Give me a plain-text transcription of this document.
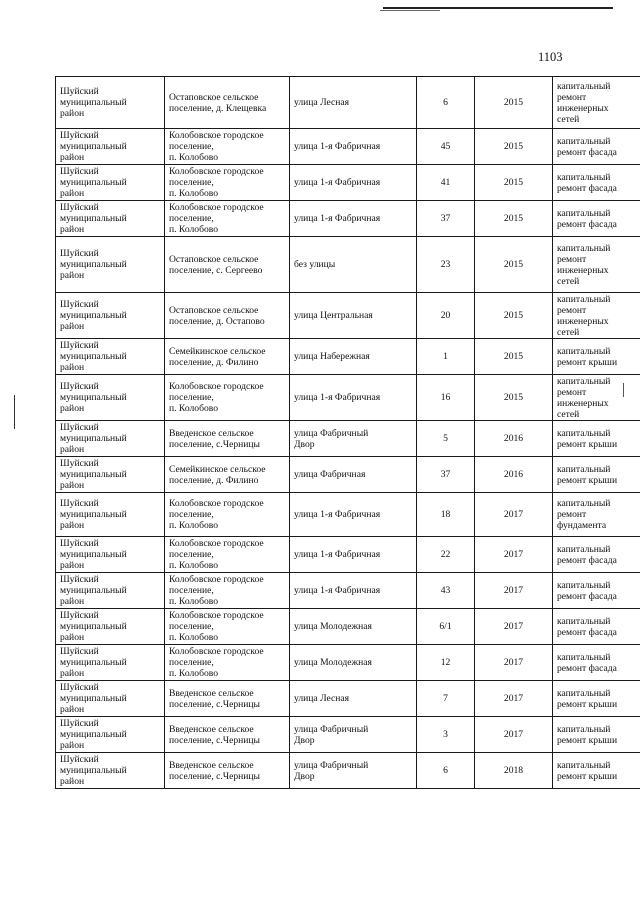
1103
Шуйский
муниципальный
район	Остаповское сельское
поселение, д. Клещевка	улица Лесная	6	2015	капитальный
ремонт
инженерных
сетей

Шуйский
муниципальный
район	Колобовское городское
поселение,
п. Колобово	улица 1-я Фабричная	45	2015	капитальный
ремонт фасада

Шуйский
муниципальный
район	Колобовское городское
поселение,
п. Колобово	улица 1-я Фабричная	41	2015	капитальный
ремонт фасада

Шуйский
муниципальный
район	Колобовское городское
поселение,
п. Колобово	улица 1-я Фабричная	37	2015	капитальный
ремонт фасада

Шуйский
муниципальный
район	Остаповское сельское
поселение, с. Сергеево	без улицы	23	2015	капитальный
ремонт
инженерных
сетей

Шуйский
муниципальный
район	Остаповское сельское
поселение, д. Остапово	улица Центральная	20	2015	капитальный
ремонт
инженерных
сетей

Шуйский
муниципальный
район	Семейкинское сельское
поселение, д. Филино	улица Набережная	1	2015	капитальный
ремонт крыши

Шуйский
муниципальный
район	Колобовское городское
поселение,
п. Колобово	улица 1-я Фабричная	16	2015	капитальный
ремонт
инженерных
сетей

Шуйский
муниципальный
район	Введенское сельское
поселение, с.Черницы	улица Фабричный
Двор	5	2016	капитальный
ремонт крыши

Шуйский
муниципальный
район	Семейкинское сельское
поселение, д. Филино	улица Фабричная	37	2016	капитальный
ремонт крыши

Шуйский
муниципальный
район	Колобовское городское
поселение,
п. Колобово	улица 1-я Фабричная	18	2017	капитальный
ремонт
фундамента

Шуйский
муниципальный
район	Колобовское городское
поселение,
п. Колобово	улица 1-я Фабричная	22	2017	капитальный
ремонт фасада

Шуйский
муниципальный
район	Колобовское городское
поселение,
п. Колобово	улица 1-я Фабричная	43	2017	капитальный
ремонт фасада

Шуйский
муниципальный
район	Колобовское городское
поселение,
п. Колобово	улица Молодежная	6/1	2017	капитальный
ремонт фасада

Шуйский
муниципальный
район	Колобовское городское
поселение,
п. Колобово	улица Молодежная	12	2017	капитальный
ремонт фасада

Шуйский
муниципальный
район	Введенское сельское
поселение, с.Черницы	улица Лесная	7	2017	капитальный
ремонт крыши

Шуйский
муниципальный
район	Введенское сельское
поселение, с.Черницы	улица Фабричный
Двор	3	2017	капитальный
ремонт крыши

Шуйский
муниципальный
район	Введенское сельское
поселение, с.Черницы	улица Фабричный
Двор	6	2018	капитальный
ремонт крыши
